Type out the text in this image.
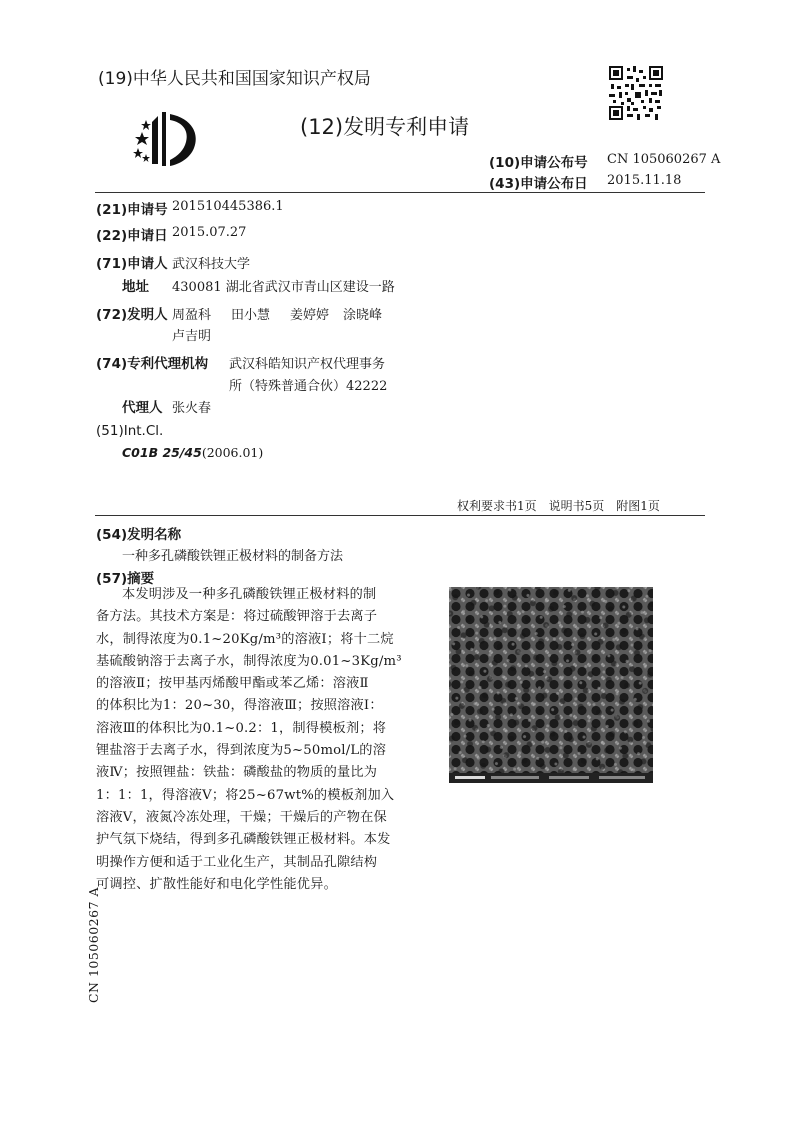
(19)中华人民共和国国家知识产权局
(12)发明专利申请
(10)申请公布号 CN 105060267 A
(43)申请公布日 2015.11.18
(21)申请号 201510445386.1
(22)申请日 2015.07.27
(71)申请人 武汉科技大学
地址 430081 湖北省武汉市青山区建设一路
(72)发明人 周盈科 田小慧 姜婷婷 涂晓峰
卢吉明
(74)专利代理机构 武汉科皓知识产权代理事务
所（特殊普通合伙）42222
代理人 张火春
(51)Int.Cl.
C01B 25/45(2006.01)
权利要求书1页　说明书5页　附图1页
(54)发明名称
一种多孔磷酸铁锂正极材料的制备方法
(57)摘要
本发明涉及一种多孔磷酸铁锂正极材料的制
备方法。其技术方案是：将过硫酸钾溶于去离子
水，制得浓度为0.1~20Kg/m³的溶液Ⅰ；将十二烷
基硫酸钠溶于去离子水，制得浓度为0.01~3Kg/m³
的溶液Ⅱ；按甲基丙烯酸甲酯或苯乙烯：溶液Ⅱ
的体积比为1：20~30，得溶液Ⅲ；按照溶液Ⅰ：
溶液Ⅲ的体积比为0.1~0.2：1，制得模板剂；将
锂盐溶于去离子水，得到浓度为5~50mol/L的溶
液Ⅳ；按照锂盐：铁盐：磷酸盐的物质的量比为
1：1：1，得溶液Ⅴ；将25~67wt%的模板剂加入
溶液Ⅴ，液氮冷冻处理，干燥；干燥后的产物在保
护气氛下烧结，得到多孔磷酸铁锂正极材料。本发
明操作方便和适于工业化生产，其制品孔隙结构
可调控、扩散性能好和电化学性能优异。
CN 105060267 A
